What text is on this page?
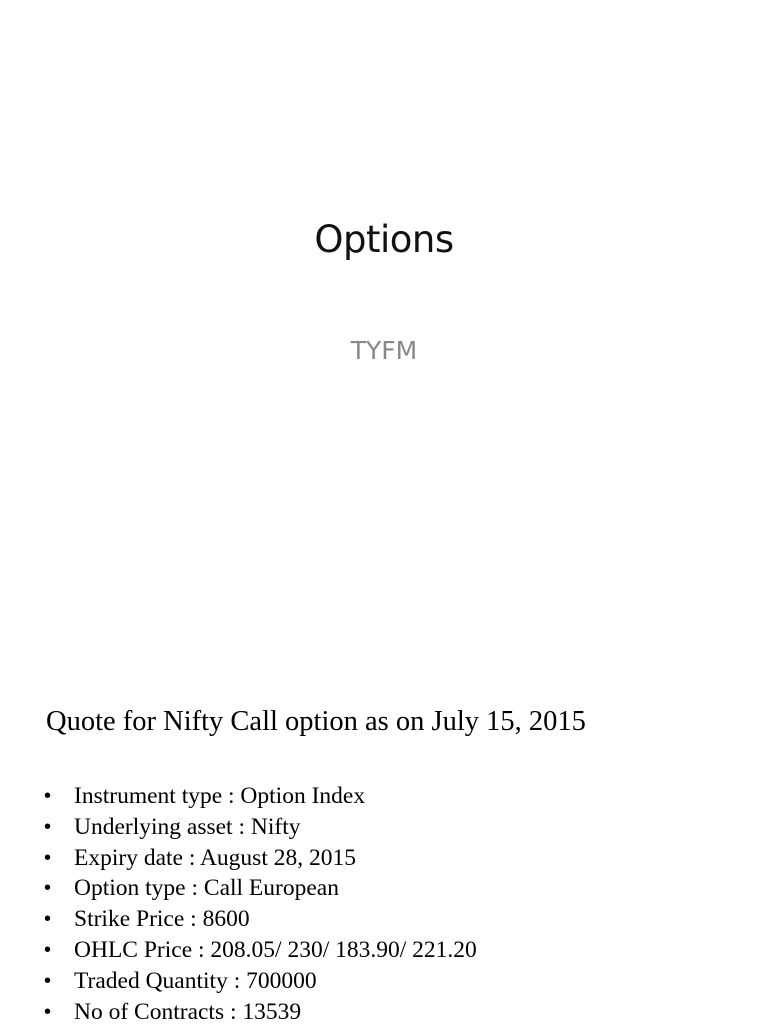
Options
TYFM
Quote for Nifty Call option as on July 15, 2015
• Instrument type : Option Index
• Underlying asset : Nifty
• Expiry date : August 28, 2015
• Option type : Call European
• Strike Price : 8600
• OHLC Price : 208.05/ 230/ 183.90/ 221.20
• Traded Quantity : 700000
• No of Contracts : 13539
